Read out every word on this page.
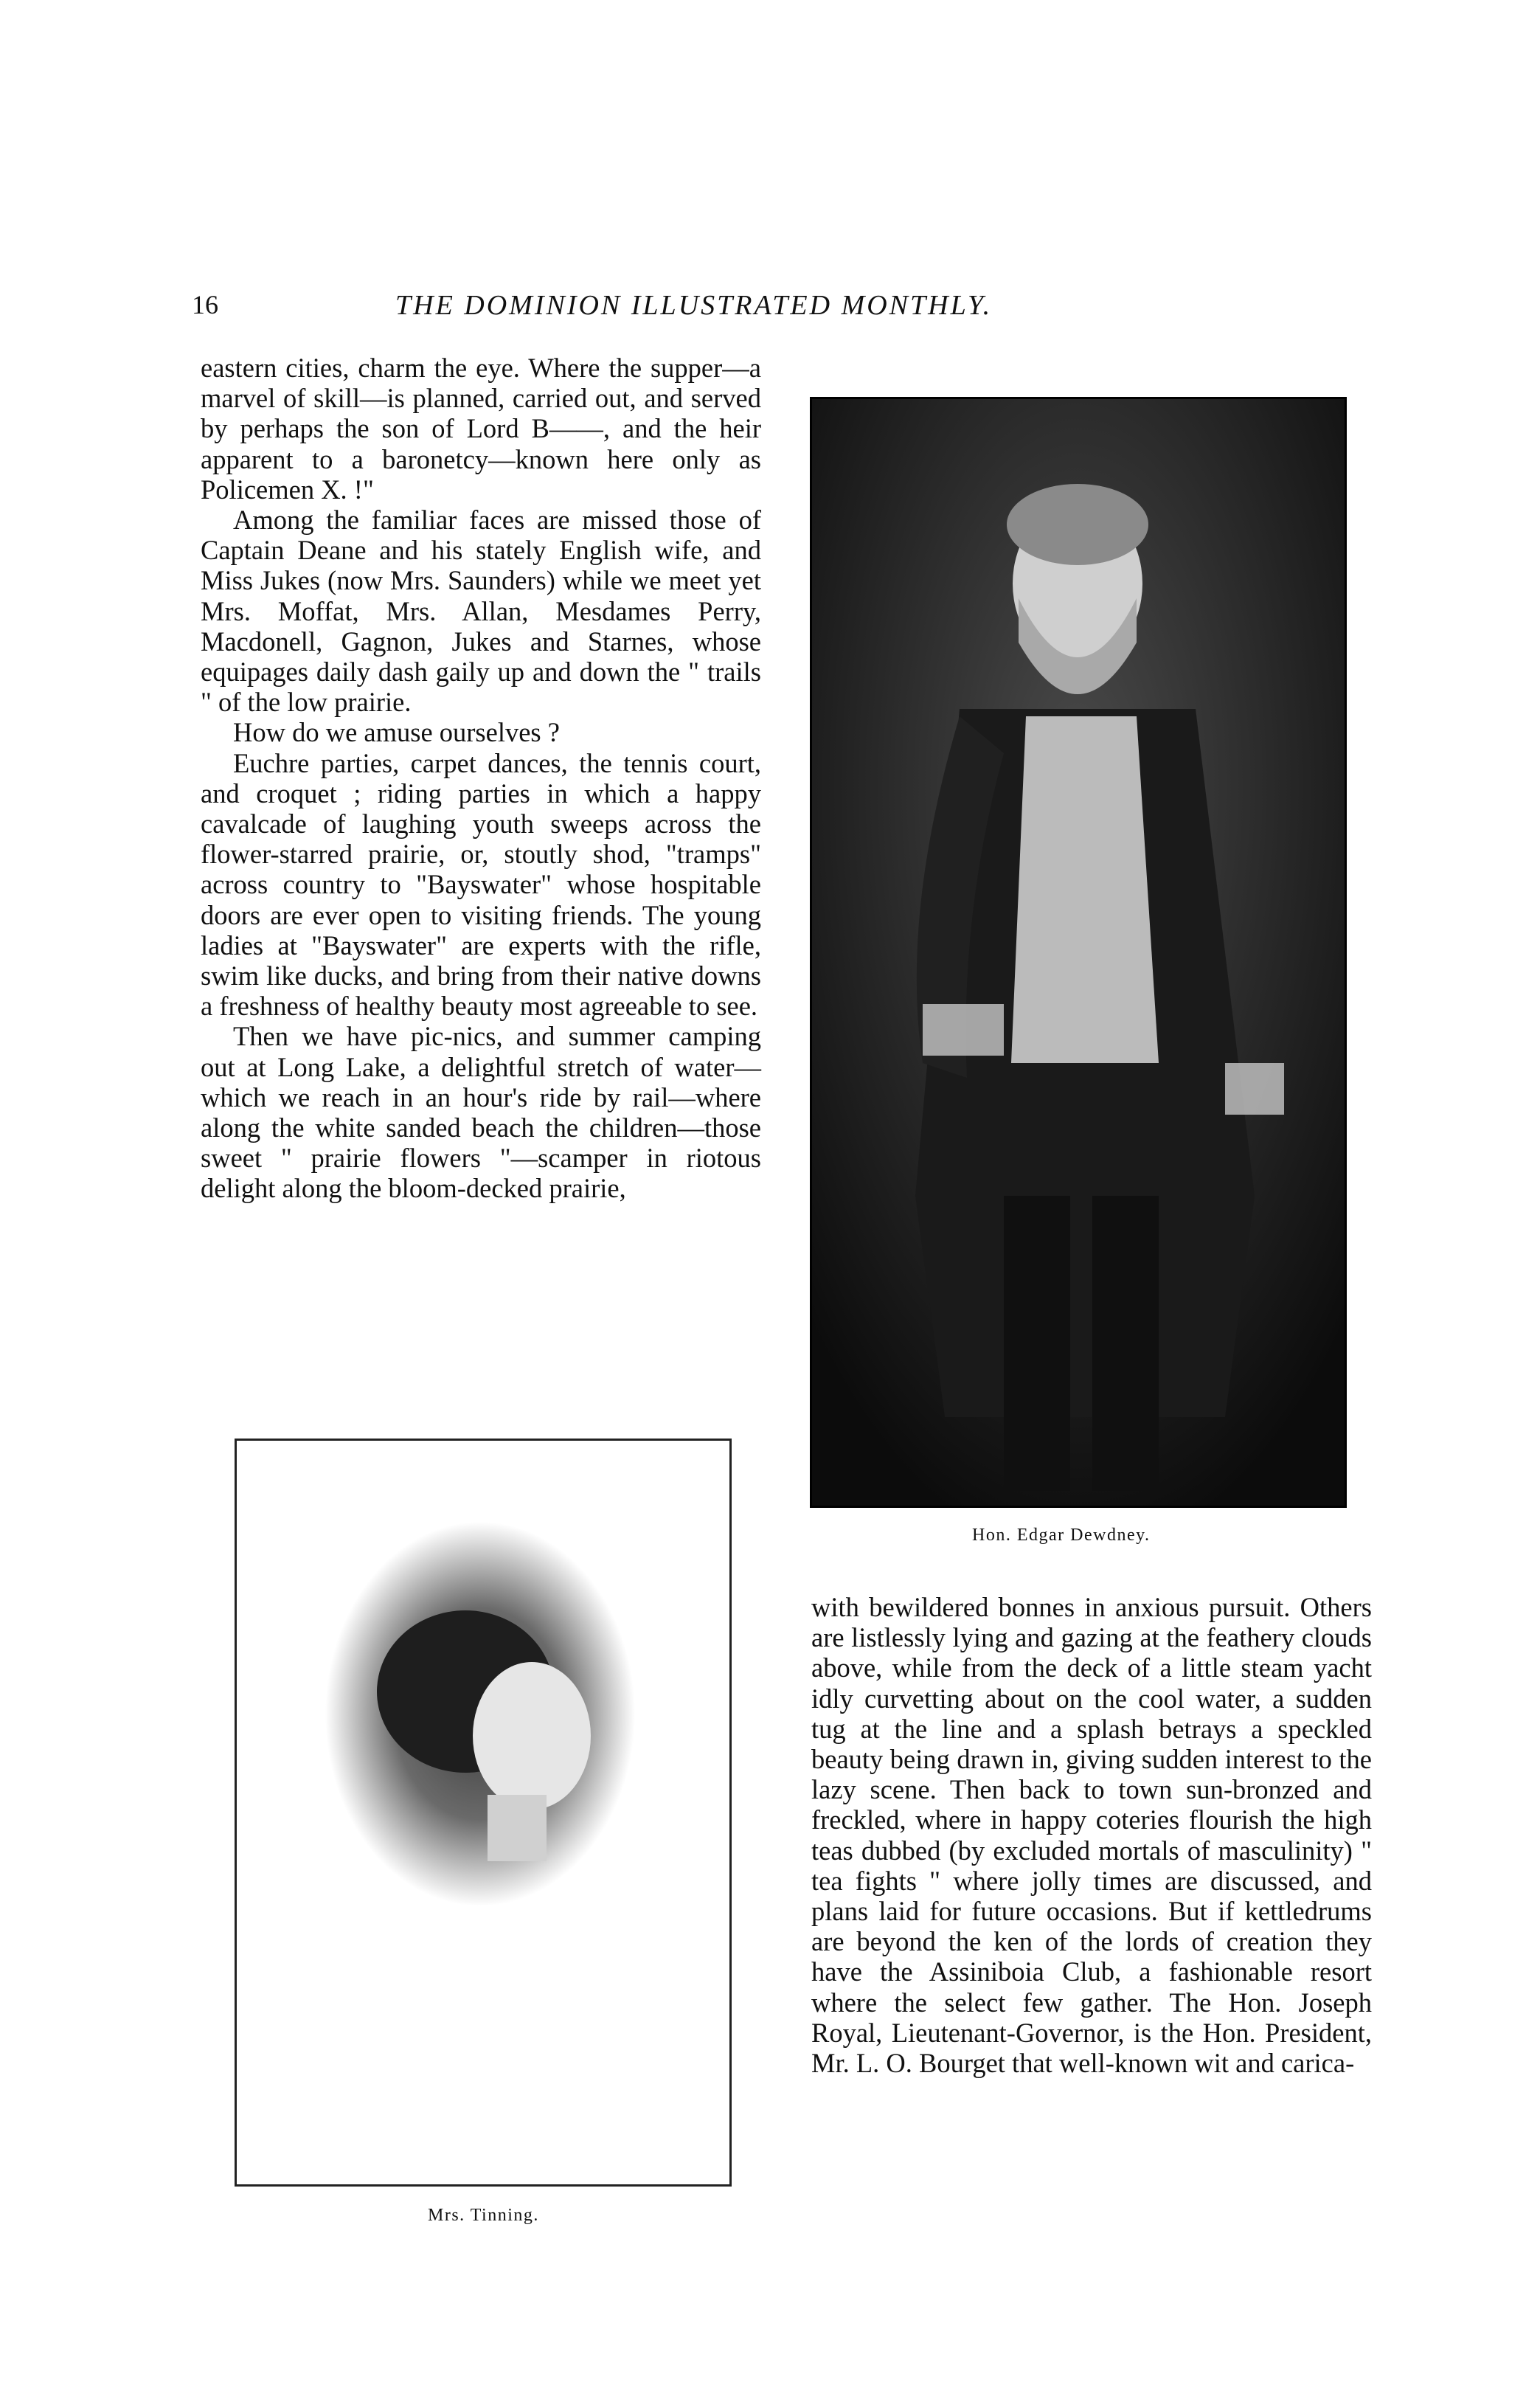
16	THE DOMINION ILLUSTRATED MONTHLY.

eastern cities, charm the eye. Where the supper—a marvel of skill—is planned, carried out, and served by perhaps the son of Lord B——, and the heir apparent to a baronetcy—known here only as Policemen X. !"

Among the familiar faces are missed those of Captain Deane and his stately English wife, and Miss Jukes (now Mrs. Saunders) while we meet yet Mrs. Moffat, Mrs. Allan, Mesdames Perry, Macdonell, Gagnon, Jukes and Starnes, whose equipages daily dash gaily up and down the " trails " of the low prairie.

How do we amuse ourselves ?

Euchre parties, carpet dances, the tennis court, and croquet ; riding parties in which a happy cavalcade of laughing youth sweeps across the flower-starred prairie, or, stoutly shod, "tramps" across country to "Bayswater" whose hospitable doors are ever open to visiting friends. The young ladies at "Bayswater" are experts with the rifle, swim like ducks, and bring from their native downs a freshness of healthy beauty most agreeable to see.

Then we have pic-nics, and summer camping out at Long Lake, a delightful stretch of water—which we reach in an hour's ride by rail—where along the white sanded beach the children—those sweet " prairie flowers "—scamper in riotous delight along the bloom-decked prairie,

Hon. Edgar Dewdney.
Mrs. Tinning.

with bewildered bonnes in anxious pursuit. Others are listlessly lying and gazing at the feathery clouds above, while from the deck of a little steam yacht idly curvetting about on the cool water, a sudden tug at the line and a splash betrays a speckled beauty being drawn in, giving sudden interest to the lazy scene. Then back to town sun-bronzed and freckled, where in happy coteries flourish the high teas dubbed (by excluded mortals of masculinity) " tea fights " where jolly times are discussed, and plans laid for future occasions. But if kettledrums are beyond the ken of the lords of creation they have the Assiniboia Club, a fashionable resort where the select few gather. The Hon. Joseph Royal, Lieutenant-Governor, is the Hon. President, Mr. L. O. Bourget that well-known wit and carica-
